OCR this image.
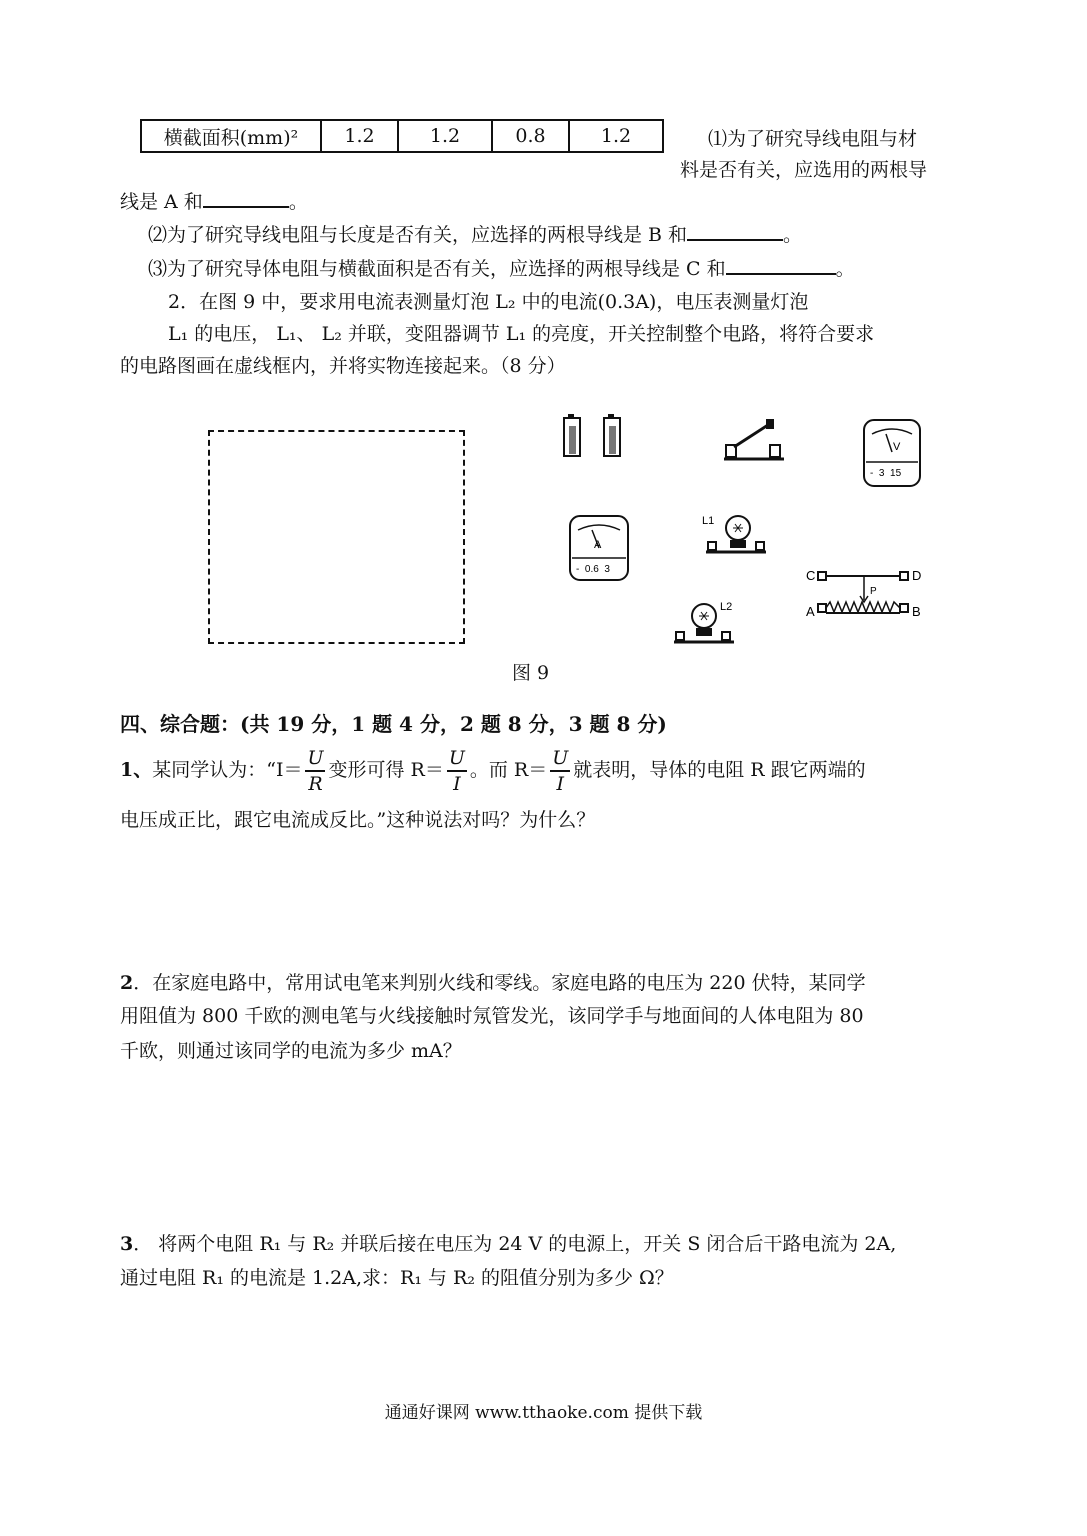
横截面积(mm)²	1.2	1.2	0.8	1.2	⑴为了研究导线电阻与材
料是否有关，应选用的两根导
线是 A 和	。
⑵为了研究导线电阻与长度是否有关，应选择的两根导线是 B 和	。
⑶为了研究导体电阻与横截面积是否有关，应选择的两根导线是 C 和	。
2．在图 9 中，要求用电流表测量灯泡 L₂ 中的电流(0.3A)，电压表测量灯泡
L₁ 的电压， L₁、 L₂ 并联，变阻器调节 L₁ 的亮度，开关控制整个电路，将符合要求
的电路图画在虚线框内，并将实物连接起来。（8 分）
V
-  3  15
A
-  0.6  3
L1
L2
C	D
A	B
P
图 9
四、综合题：(共 19 分，1 题 4 分，2 题 8 分，3 题 8 分)
1、某同学认为：“$I= \frac{U}{R}$ 变形可得 $R= \frac{U}{I}$ 。而 $R= \frac{U}{I}$ 就表明，导体的电阻 R 跟它两端的
电压成正比，跟它电流成反比。”这种说法对吗？为什么？
2．在家庭电路中，常用试电笔来判别火线和零线。家庭电路的电压为 220 伏特，某同学
用阻值为 800 千欧的测电笔与火线接触时氖管发光，该同学手与地面间的人体电阻为 80
千欧，则通过该同学的电流为多少 mA？
3． 将两个电阻 R₁ 与 R₂ 并联后接在电压为 24 V 的电源上，开关 S 闭合后干路电流为 2A,
通过电阻 R₁ 的电流是 1.2A,求：R₁ 与 R₂ 的阻值分别为多少 Ω？
通通好课网 www.tthaoke.com 提供下载
